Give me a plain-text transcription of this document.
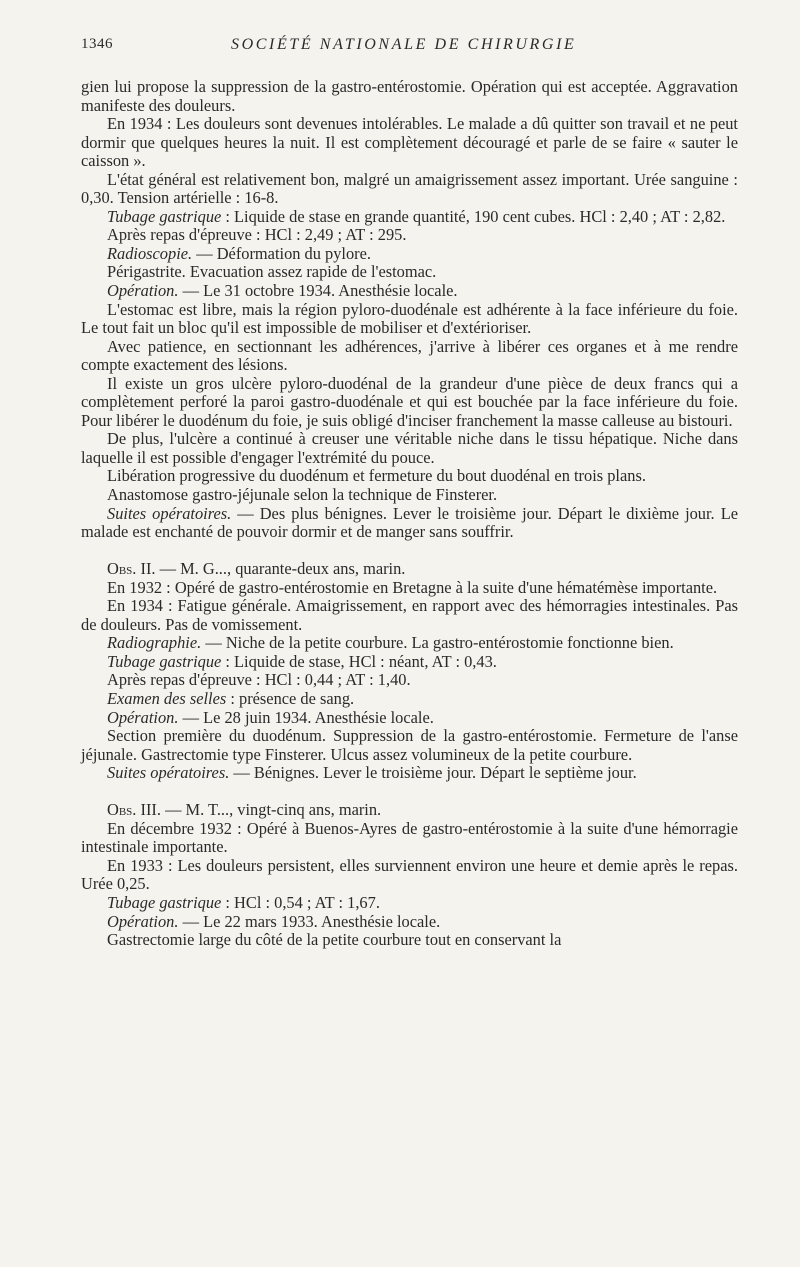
1346	SOCIÉTÉ NATIONALE DE CHIRURGIE

gien lui propose la suppression de la gastro-entérostomie. Opération qui est acceptée. Aggravation manifeste des douleurs.

En 1934 : Les douleurs sont devenues intolérables. Le malade a dû quitter son travail et ne peut dormir que quelques heures la nuit. Il est complètement découragé et parle de se faire « sauter le caisson ».

L'état général est relativement bon, malgré un amaigrissement assez important. Urée sanguine : 0,30. Tension artérielle : 16-8.

Tubage gastrique : Liquide de stase en grande quantité, 190 cent cubes. HCl : 2,40 ; AT : 2,82.

Après repas d'épreuve : HCl : 2,49 ; AT : 295.

Radioscopie. — Déformation du pylore.

Périgastrite. Evacuation assez rapide de l'estomac.

Opération. — Le 31 octobre 1934. Anesthésie locale.

L'estomac est libre, mais la région pyloro-duodénale est adhérente à la face inférieure du foie. Le tout fait un bloc qu'il est impossible de mobiliser et d'extérioriser.

Avec patience, en sectionnant les adhérences, j'arrive à libérer ces organes et à me rendre compte exactement des lésions.

Il existe un gros ulcère pyloro-duodénal de la grandeur d'une pièce de deux francs qui a complètement perforé la paroi gastro-duodénale et qui est bouchée par la face inférieure du foie. Pour libérer le duodénum du foie, je suis obligé d'inciser franchement la masse calleuse au bistouri.

De plus, l'ulcère a continué à creuser une véritable niche dans le tissu hépatique. Niche dans laquelle il est possible d'engager l'extrémité du pouce.

Libération progressive du duodénum et fermeture du bout duodénal en trois plans.

Anastomose gastro-jéjunale selon la technique de Finsterer.

Suites opératoires. — Des plus bénignes. Lever le troisième jour. Départ le dixième jour. Le malade est enchanté de pouvoir dormir et de manger sans souffrir.

Obs. II. — M. G..., quarante-deux ans, marin.

En 1932 : Opéré de gastro-entérostomie en Bretagne à la suite d'une hématémèse importante.

En 1934 : Fatigue générale. Amaigrissement, en rapport avec des hémorragies intestinales. Pas de douleurs. Pas de vomissement.

Radiographie. — Niche de la petite courbure. La gastro-entérostomie fonctionne bien.

Tubage gastrique : Liquide de stase, HCl : néant, AT : 0,43.

Après repas d'épreuve : HCl : 0,44 ; AT : 1,40.

Examen des selles : présence de sang.

Opération. — Le 28 juin 1934. Anesthésie locale.

Section première du duodénum. Suppression de la gastro-entérostomie. Fermeture de l'anse jéjunale. Gastrectomie type Finsterer. Ulcus assez volumineux de la petite courbure.

Suites opératoires. — Bénignes. Lever le troisième jour. Départ le septième jour.

Obs. III. — M. T..., vingt-cinq ans, marin.

En décembre 1932 : Opéré à Buenos-Ayres de gastro-entérostomie à la suite d'une hémorragie intestinale importante.

En 1933 : Les douleurs persistent, elles surviennent environ une heure et demie après le repas. Urée 0,25.

Tubage gastrique : HCl : 0,54 ; AT : 1,67.

Opération. — Le 22 mars 1933. Anesthésie locale.

Gastrectomie large du côté de la petite courbure tout en conservant la
